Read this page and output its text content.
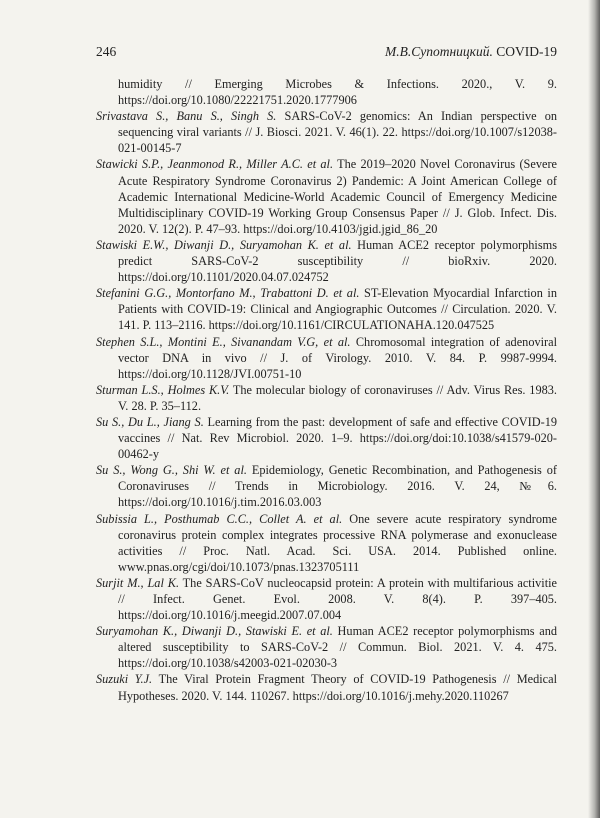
246	М.В.Супотницкий. COVID-19

humidity // Emerging Microbes & Infections. 2020., V. 9. https://doi.org/10.1080/22221751.2020.1777906

Srivastava S., Banu S., Singh S. SARS-CoV-2 genomics: An Indian perspective on sequencing viral variants // J. Biosci. 2021. V. 46(1). 22. https://doi.org/10.1007/s12038-021-00145-7

Stawicki S.P., Jeanmonod R., Miller A.C. et al. The 2019–2020 Novel Coronavirus (Severe Acute Respiratory Syndrome Coronavirus 2) Pandemic: A Joint American College of Academic International Medicine-World Academic Council of Emergency Medicine Multidisciplinary COVID-19 Working Group Consensus Paper // J. Glob. Infect. Dis. 2020. V. 12(2). P. 47–93. https://doi.org/10.4103/jgid.jgid_86_20

Stawiski E.W., Diwanji D., Suryamohan K. et al. Human ACE2 receptor polymorphisms predict SARS-CoV-2 susceptibility // bioRxiv. 2020. https://doi.org/10.1101/2020.04.07.024752

Stefanini G.G., Montorfano M., Trabattoni D. et al. ST-Elevation Myocardial Infarction in Patients with COVID-19: Clinical and Angiographic Outcomes // Circulation. 2020. V. 141. P. 113–2116. https://doi.org/10.1161/CIRCULATIONAHA.120.047525

Stephen S.L., Montini E., Sivanandam V.G, et al. Chromosomal integration of adenoviral vector DNA in vivo // J. of Virology. 2010. V. 84. P. 9987-9994. https://doi.org/10.1128/JVI.00751-10

Sturman L.S., Holmes K.V. The molecular biology of coronaviruses // Adv. Virus Res. 1983. V. 28. P. 35–112.

Su S., Du L., Jiang S. Learning from the past: development of safe and effective COVID-19 vaccines // Nat. Rev Microbiol. 2020. 1–9. https://doi.org/doi:10.1038/s41579-020-00462-y

Su S., Wong G., Shi W. et al. Epidemiology, Genetic Recombination, and Pathogenesis of Coronaviruses // Trends in Microbiology. 2016. V. 24, №6. https://doi.org/10.1016/j.tim.2016.03.003

Subissia L., Posthumab C.C., Collet A. et al. One severe acute respiratory syndrome coronavirus protein complex integrates processive RNA polymerase and exonuclease activities // Proc. Natl. Acad. Sci. USA. 2014. Published online. www.pnas.org/cgi/doi/10.1073/pnas.1323705111

Surjit M., Lal K. The SARS-CoV nucleocapsid protein: A protein with multifarious activitie // Infect. Genet. Evol. 2008. V. 8(4). P. 397–405. https://doi.org/10.1016/j.meegid.2007.07.004

Suryamohan K., Diwanji D., Stawiski E. et al. Human ACE2 receptor polymorphisms and altered susceptibility to SARS-CoV-2 // Commun. Biol. 2021. V. 4. 475. https://doi.org/10.1038/s42003-021-02030-3

Suzuki Y.J. The Viral Protein Fragment Theory of COVID-19 Pathogenesis // Medical Hypotheses. 2020. V. 144. 110267. https://doi.org/10.1016/j.mehy.2020.110267
